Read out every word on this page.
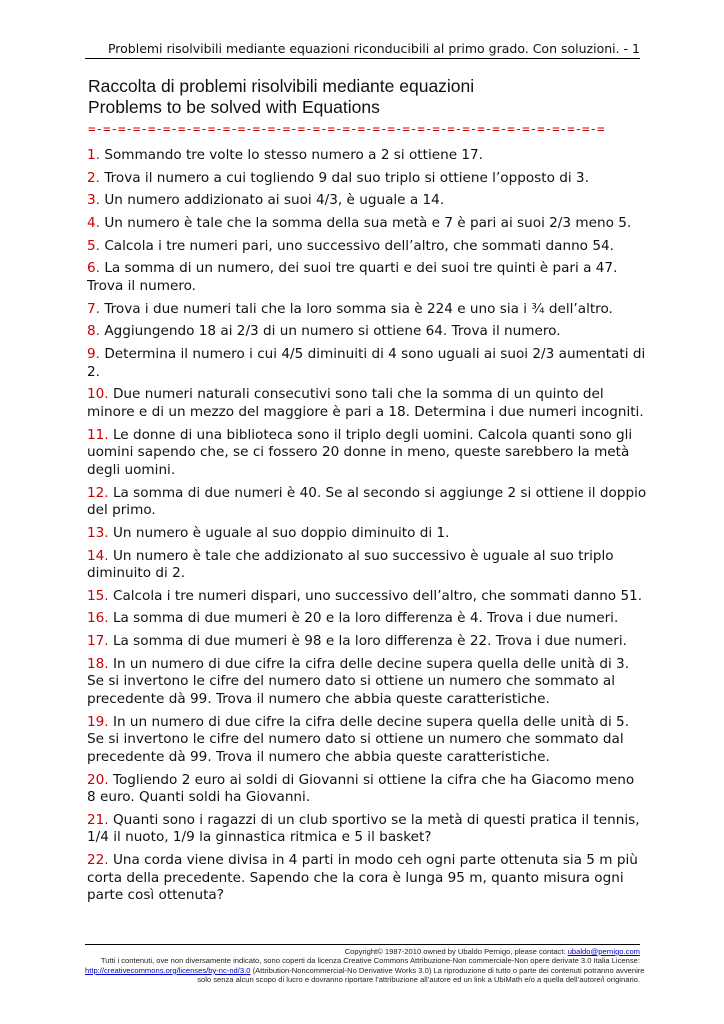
Problemi risolvibili mediante equazioni riconducibili al primo grado. Con soluzioni. - 1
Raccolta di problemi risolvibili mediante equazioni
Problems to be solved with Equations
=-=-=-=-=-=-=-=-=-=-=-=-=-=-=-=-=-=-=-=-=-=-=-=-=-=-=-=-=-=-=-=-=-=-=
1. Sommando tre volte lo stesso numero a 2 si ottiene 17.
2. Trova il numero a cui togliendo 9 dal suo triplo si ottiene l’opposto di 3.
3. Un numero addizionato ai suoi 4/3, è uguale a 14.
4. Un numero è tale che la somma della sua metà e 7 è pari ai suoi 2/3 meno 5.
5. Calcola i tre numeri pari, uno successivo dell’altro, che sommati danno 54.
6. La somma di un numero, dei suoi tre quarti e dei suoi tre quinti è pari a 47. Trova il numero.
7. Trova i due numeri tali che la loro somma sia è 224 e uno sia i ¾ dell’altro.
8. Aggiungendo 18 ai 2/3 di un numero si ottiene 64. Trova il numero.
9. Determina il numero i cui 4/5 diminuiti di 4 sono uguali ai suoi 2/3 aumentati di 2.
10. Due numeri naturali consecutivi sono tali che la somma di un quinto del minore e di un mezzo del maggiore è pari a 18. Determina i due numeri incogniti.
11. Le donne di una biblioteca sono il triplo degli uomini. Calcola quanti sono gli uomini sapendo che, se ci fossero 20 donne in meno, queste sarebbero la metà degli uomini.
12. La somma di due numeri è 40. Se al secondo si aggiunge 2 si ottiene il doppio del primo.
13. Un numero è uguale al suo doppio diminuito di 1.
14. Un numero è tale che addizionato al suo successivo è uguale al suo triplo diminuito di 2.
15. Calcola i tre numeri dispari, uno successivo dell’altro, che sommati danno 51.
16. La somma di due mumeri è 20 e la loro differenza è 4. Trova i due numeri.
17. La somma di due mumeri è 98 e la loro differenza è 22. Trova i due numeri.
18. In un numero di due cifre la cifra delle decine supera quella delle unità di 3. Se si invertono le cifre del numero dato si ottiene un numero che sommato al precedente dà 99. Trova il numero che abbia queste caratteristiche.
19. In un numero di due cifre la cifra delle decine supera quella delle unità di 5. Se si invertono le cifre del numero dato si ottiene un numero che sommato dal precedente dà 99. Trova il numero che abbia queste caratteristiche.
20. Togliendo 2 euro ai soldi di Giovanni si ottiene la cifra che ha Giacomo meno 8 euro. Quanti soldi ha Giovanni.
21. Quanti sono i ragazzi di un club sportivo se la metà di questi pratica il tennis, 1/4 il nuoto, 1/9 la ginnastica ritmica e 5 il basket?
22. Una corda viene divisa in 4 parti in modo ceh ogni parte ottenuta sia 5 m più corta della precedente. Sapendo che la cora è lunga 95 m, quanto misura ogni parte così ottenuta?
Copyright© 1987-2010 owned by Ubaldo Pernigo, please contact: ubaldo@pernigo.com
Tutti i contenuti, ove non diversamente indicato, sono coperti da licenza Creative Commons Attribuzione-Non commerciale-Non opere derivate 3.0 Italia License:
http://creativecommons.org/licenses/by-nc-nd/3.0 (Attribution-Noncommercial-No Derivative Works 3.0) La riproduzione di tutto o parte dei contenuti potranno avvenire
solo senza alcun scopo di lucro e dovranno riportare l’attribuzione all’autore ed un link a UbiMath e/o a quella dell’autore/i originario.
